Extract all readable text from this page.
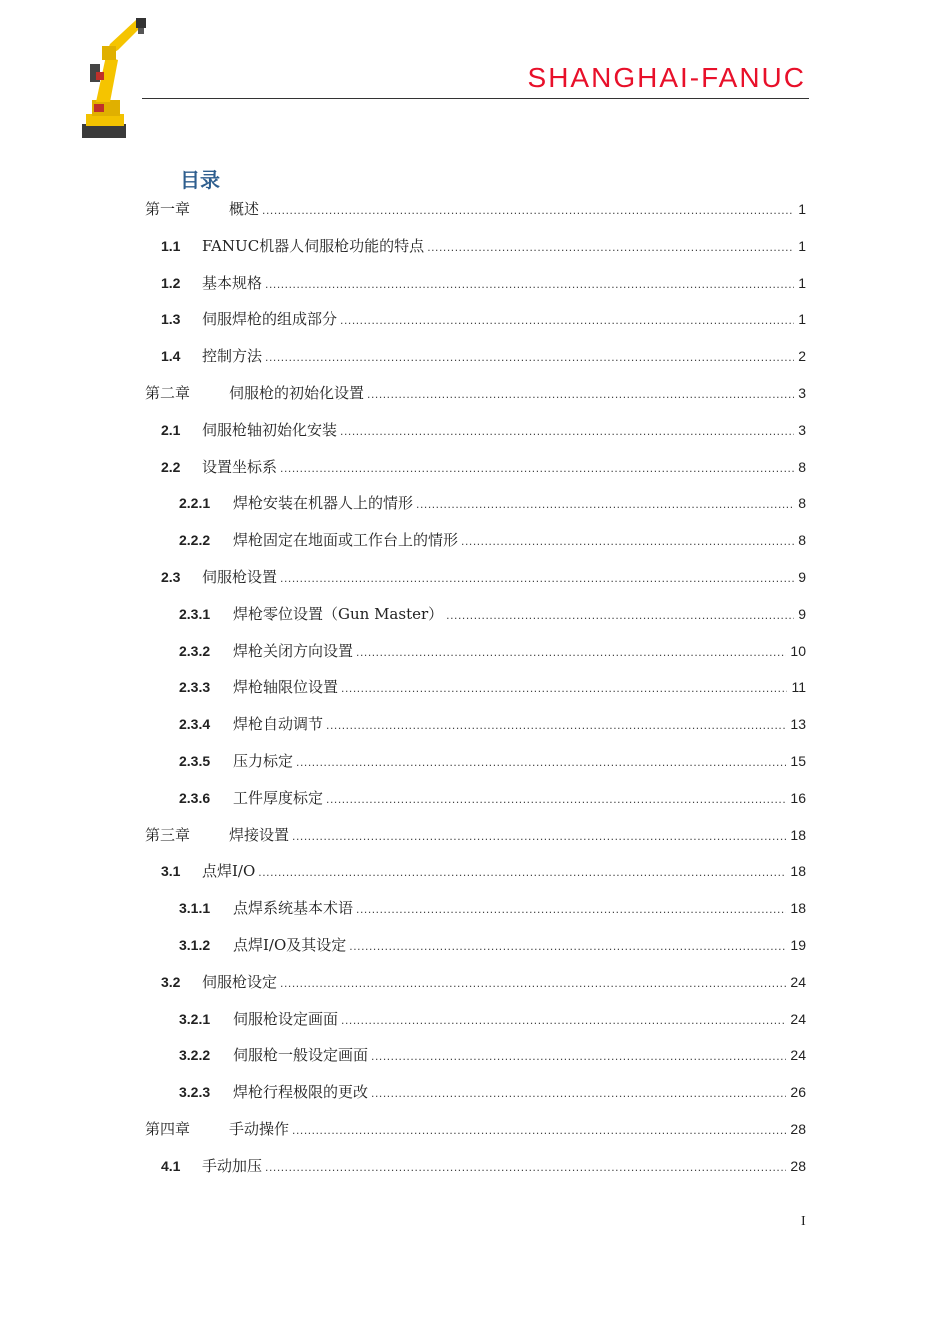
SHANGHAI-FANUC
目录
第一章	概述 .....	1
1.1	FANUC机器人伺服枪功能的特点 .....	1
1.2	基本规格 .....	1
1.3	伺服焊枪的组成部分 .....	1
1.4	控制方法 .....	2
第二章	伺服枪的初始化设置 .....	3
2.1	伺服枪轴初始化安装 .....	3
2.2	设置坐标系 .....	8
2.2.1	焊枪安装在机器人上的情形 .....	8
2.2.2	焊枪固定在地面或工作台上的情形 .....	8
2.3	伺服枪设置 .....	9
2.3.1	焊枪零位设置（Gun Master） .....	9
2.3.2	焊枪关闭方向设置 .....	10
2.3.3	焊枪轴限位设置 .....	11
2.3.4	焊枪自动调节 .....	13
2.3.5	压力标定 .....	15
2.3.6	工件厚度标定 .....	16
第三章	焊接设置 .....	18
3.1	点焊I/O .....	18
3.1.1	点焊系统基本术语 .....	18
3.1.2	点焊I/O及其设定 .....	19
3.2	伺服枪设定 .....	24
3.2.1	伺服枪设定画面 .....	24
3.2.2	伺服枪一般设定画面 .....	24
3.2.3	焊枪行程极限的更改 .....	26
第四章	手动操作 .....	28
4.1	手动加压 .....	28
I
